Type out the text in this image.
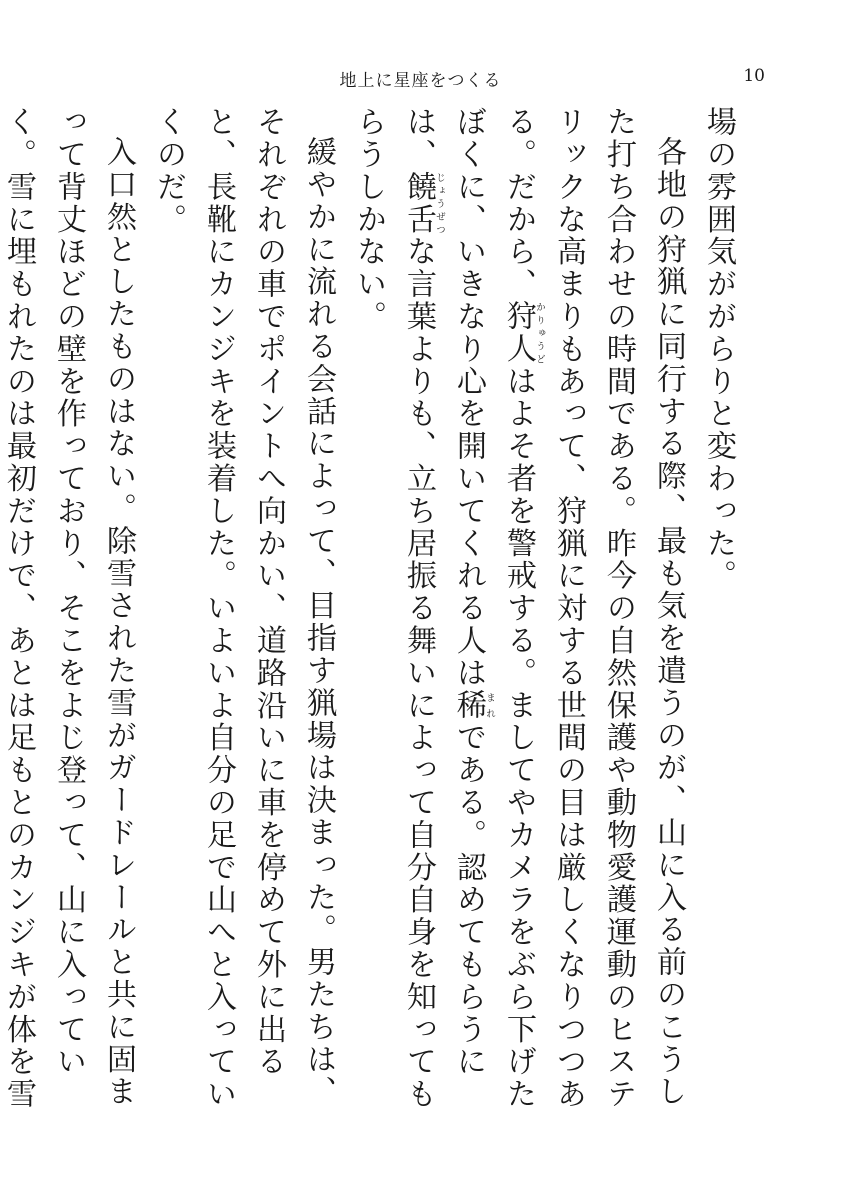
地上に星座をつくる	10

場の雰囲気ががらりと変わった。

各地の狩猟に同行する際、最も気を遣うのが、山に入る前のこうした打ち合わせの時間である。昨今の自然保護や動物愛護運動のヒステリックな高まりもあって、狩猟に対する世間の目は厳しくなりつつある。だから、狩人かりゅうどはよそ者を警戒する。ましてやカメラをぶら下げたぼくに、いきなり心を開いてくれる人は稀まれである。認めてもらうには、饒舌じょうぜつな言葉よりも、立ち居振る舞いによって自分自身を知ってもらうしかない。

緩やかに流れる会話によって、目指す猟場は決まった。男たちは、それぞれの車でポイントへ向かい、道路沿いに車を停めて外に出ると、長靴にカンジキを装着した。いよいよ自分の足で山へと入っていくのだ。

入口然としたものはない。除雪された雪がガードレールと共に固まって背丈ほどの壁を作っており、そこをよじ登って、山に入っていく。雪に埋もれたのは最初だけで、あとは足もとのカンジキが体を雪
